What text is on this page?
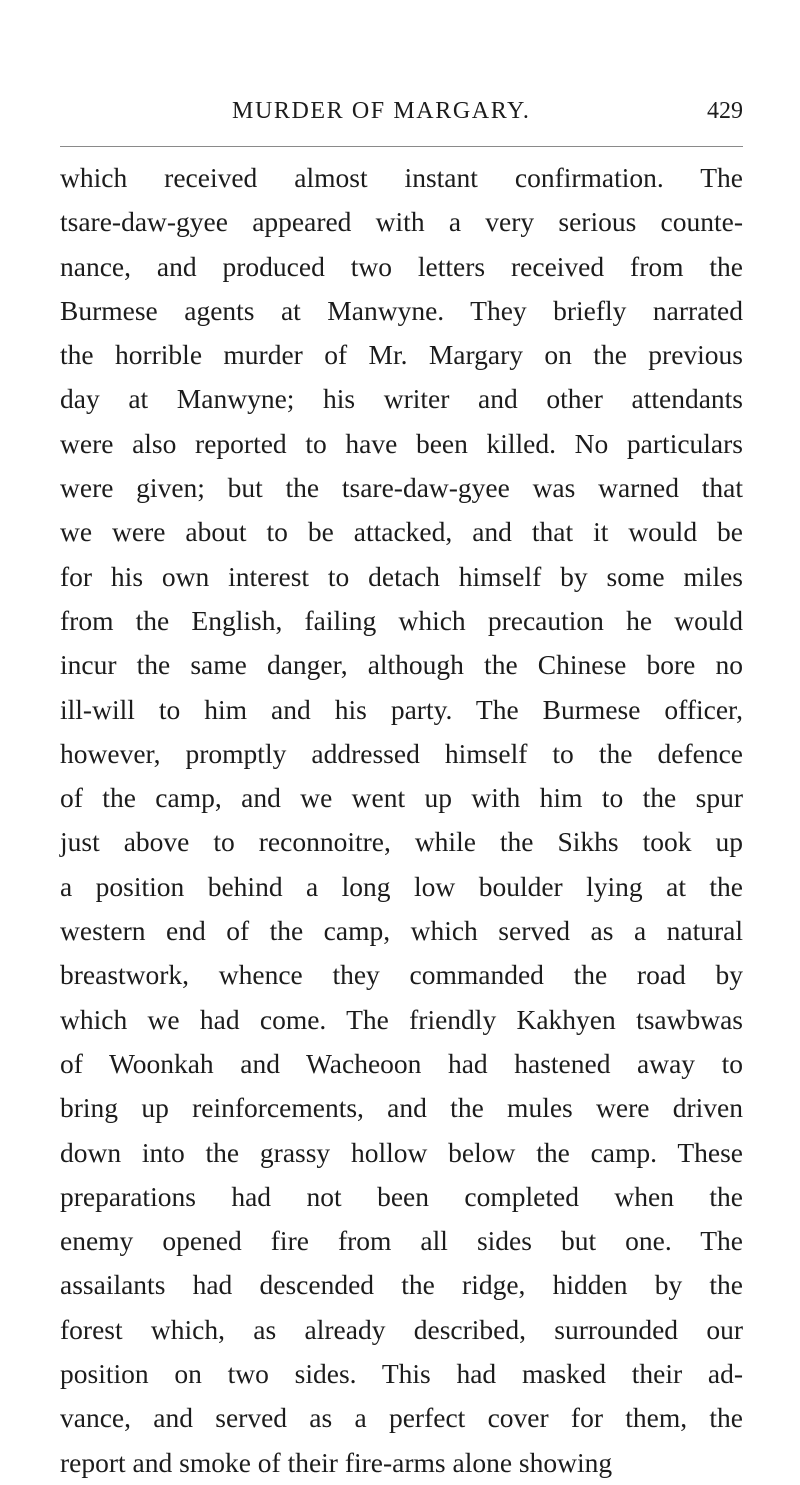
MURDER OF MARGARY.	429
which received almost instant confirmation. The
tsare-daw-gyee appeared with a very serious counte-
nance, and produced two letters received from the
Burmese agents at Manwyne. They briefly narrated
the horrible murder of Mr. Margary on the previous
day at Manwyne; his writer and other attendants
were also reported to have been killed. No particulars
were given; but the tsare-daw-gyee was warned that
we were about to be attacked, and that it would be
for his own interest to detach himself by some miles
from the English, failing which precaution he would
incur the same danger, although the Chinese bore no
ill-will to him and his party. The Burmese officer,
however, promptly addressed himself to the defence
of the camp, and we went up with him to the spur
just above to reconnoitre, while the Sikhs took up
a position behind a long low boulder lying at the
western end of the camp, which served as a natural
breastwork, whence they commanded the road by
which we had come. The friendly Kakhyen tsawbwas
of Woonkah and Wacheoon had hastened away to
bring up reinforcements, and the mules were driven
down into the grassy hollow below the camp. These
preparations had not been completed when the
enemy opened fire from all sides but one. The
assailants had descended the ridge, hidden by the
forest which, as already described, surrounded our
position on two sides. This had masked their ad-
vance, and served as a perfect cover for them, the
report and smoke of their fire-arms alone showing
